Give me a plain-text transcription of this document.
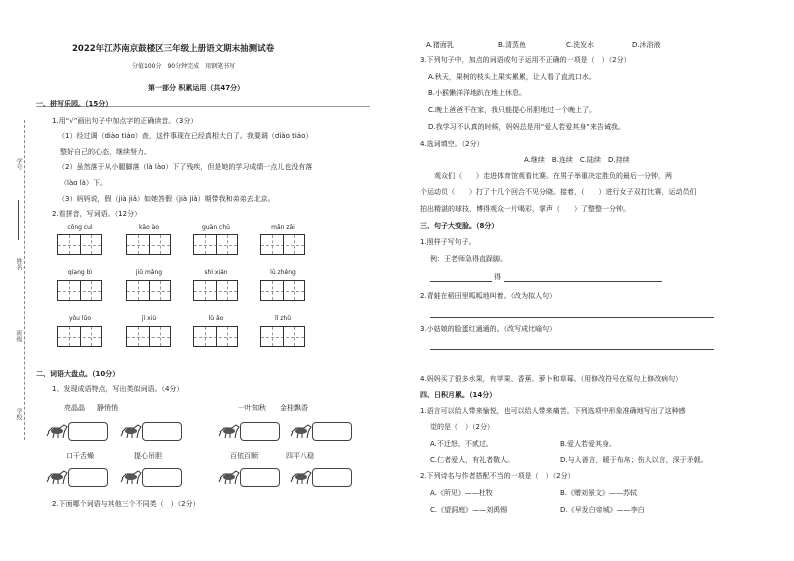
学号
姓名
班级
学校
2022年江苏南京鼓楼区三年级上册语文期末抽测试卷
分值100分　90分钟完成　用钢笔书写
第一部分 积累运用（共47分）
一、拼写乐园。（15分）
1.用“√”画出句子中加点字的正确读音。（3分）
（1）经过调（diào tiáo）查，这件事现在已经真相大白了。我要调（diào tiáo）
整好自己的心态，继续努力。
（2）虽然落于从小腿脚落（là lào）下了残疾，但是她的学习成绩一点儿也没有落
（lào là）下。
（3）妈妈说，假（jià jiǎ）如她答假（jià jiǎ）期带我和弟弟去北京。
2.看拼音，写词语。（12分）
cōng cuì	kāo ào	guàn chū	mǎn zǎi
qíang bì	jiǔ mǎng	shì xián	lǜ zhěng
yǒu lūo	jǐ xiù	lǔ ǎo	lǐ zhǔ
二、词语大盘点。（10分）
1、发现成语特点，写出类似词语。（4分）
亮晶晶 静悄悄	一叶知秋 金桂飘香
口干舌燥	提心吊胆	百依百顺	四平八稳
2.下面哪个词语与其他三个不同类（　）（2分）
A.猪面乳	B.清蒸鱼	C.洗发水	D.沐浴液
3.下列句子中，加点的词语或句子运用不正确的一项是（　）（2分）
A.秋天，果树的枝头上果实累累，让人看了直流口水。
B.小猴懒洋洋地趴在地上休息。
C.晚上爸爸不在家，我只能提心吊胆地过一个晚上了。
D.我学习不认真的时候，妈妈总是用“爱人若爱其身”来告诫我。
4.选词填空。（2分）
A.继续　B.连续　C.陆续　D.持续
观众们（　　）走进体育馆观看比赛。在男子举重决定胜负的最后一分钟，两
个运动员（　　）打了十几个回合不见分晓。接着，（　　）进行女子双打比赛，运动员们
拍出精湛的球技，博得观众一片喝彩，掌声（　　）了整整一分钟。
三、句子大变脸。（8分）
1.照样子写句子。
例：王老师急得直跺脚。
得
2.青蛙在稻田里呱呱地叫着。（改为拟人句）
3.小姑娘的脸蛋红通通的。（改写成比喻句）
4.妈妈买了很多水果，有苹果、香蕉、萝卜和草莓。（用修改符号在原句上修改病句）
四、日积月累。（14分）
1.语言可以给人带来愉悦，也可以给人带来痛苦。下列选项中形象准确地写出了这种感
觉的是（　）（2分）
A.不迁怒，不贰过。	B.爱人若爱其身。
C.仁者爱人，有礼者敬人。	D.与人善言，暖于布帛；伤人以言，深于矛戟。
2.下列诗名与作者搭配不当的一项是（　）（2分）
A.《所见》——杜牧	B.《赠刘景文》——苏轼
C.《望洞庭》——刘禹锡	D.《早发白帝城》——李白
